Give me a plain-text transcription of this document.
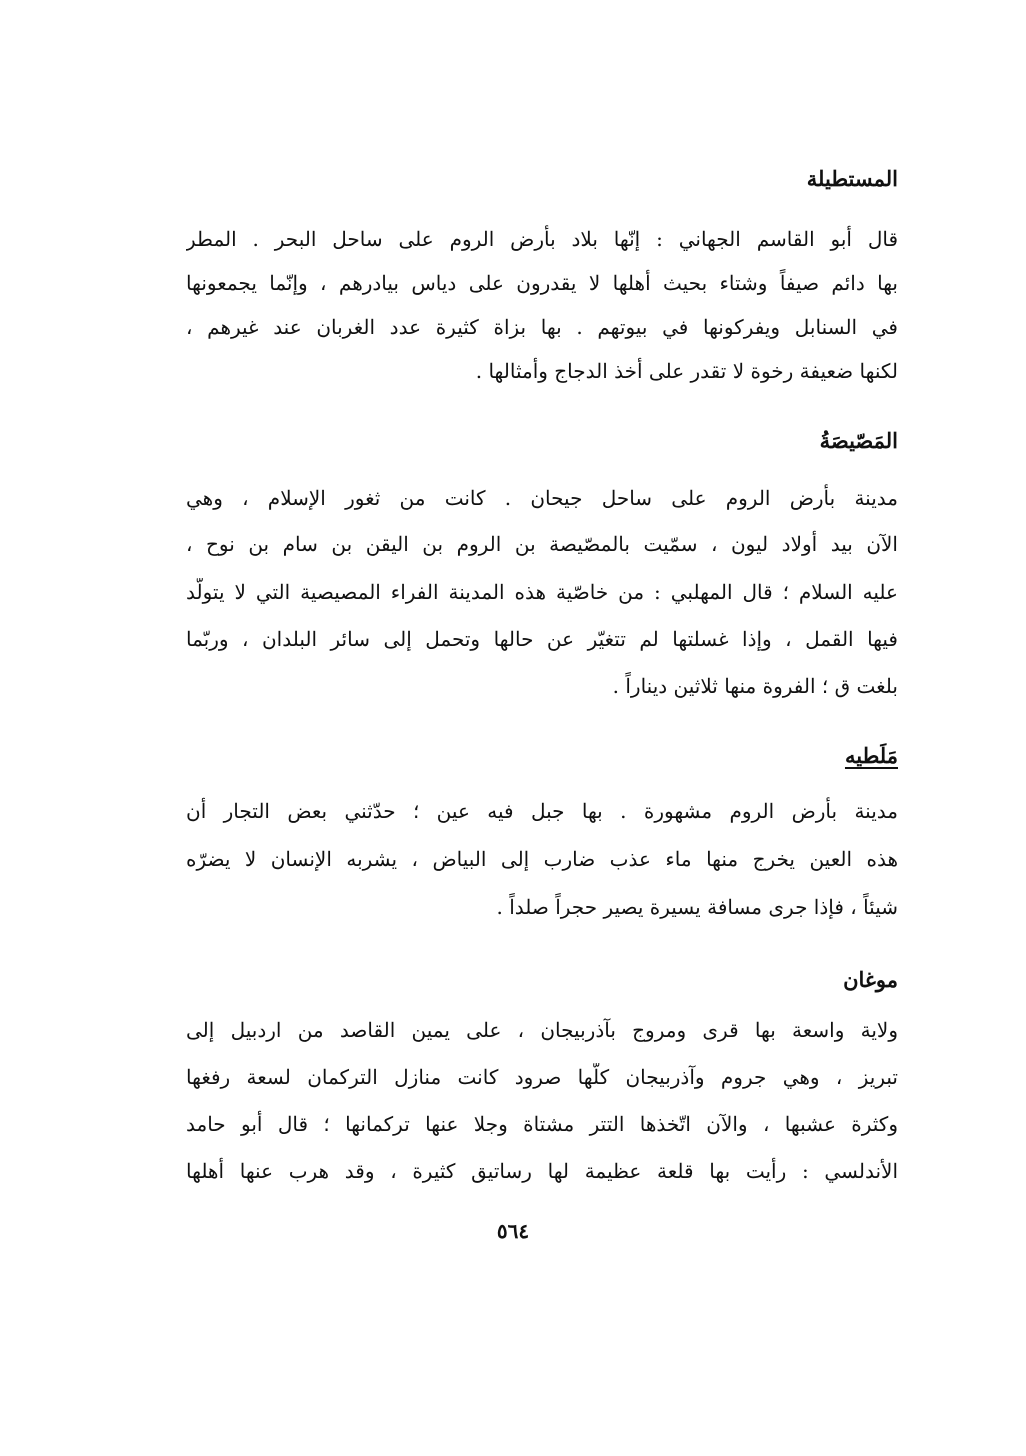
المستطيلة
قال أبو القاسم الجهاني : إنّها بلاد بأرض الروم على ساحل البحر . المطر
بها دائم صيفاً وشتاء بحيث أهلها لا يقدرون على دياس بيادرهم ، وإنّما يجمعونها
في السنابل ويفركونها في بيوتهم . بها بزاة كثيرة عدد الغربان عند غيرهم ،
لكنها ضعيفة رخوة لا تقدر على أخذ الدجاج وأمثالها .
المَصّيصَةُ
مدينة بأرض الروم على ساحل جيحان . كانت من ثغور الإسلام ، وهي
الآن بيد أولاد ليون ، سمّيت بالمصّيصة بن الروم بن اليقن بن سام بن نوح ،
عليه السلام ؛ قال المهلبي : من خاصّية هذه المدينة الفراء المصيصية التي لا يتولّد
فيها القمل ، وإذا غسلتها لم تتغيّر عن حالها وتحمل إلى سائر البلدان ، وربّما
بلغت ق ؛ الفروة منها ثلاثين ديناراً .
مَلَطيه
مدينة بأرض الروم مشهورة . بها جبل فيه عين ؛ حدّثني بعض التجار أن
هذه العين يخرج منها ماء عذب ضارب إلى البياض ، يشربه الإنسان لا يضرّه
شيئاً ، فإذا جرى مسافة يسيرة يصير حجراً صلداً .
موغان
ولاية واسعة بها قرى ومروج بآذربيجان ، على يمين القاصد من اردبيل إلى
تبريز ، وهي جروم وآذربيجان كلّها صرود كانت منازل التركمان لسعة رفغها
وكثرة عشبها ، والآن اتّخذها التتر مشتاة وجلا عنها تركمانها ؛ قال أبو حامد
الأندلسي : رأيت بها قلعة عظيمة لها رساتيق كثيرة ، وقد هرب عنها أهلها
٥٦٤
